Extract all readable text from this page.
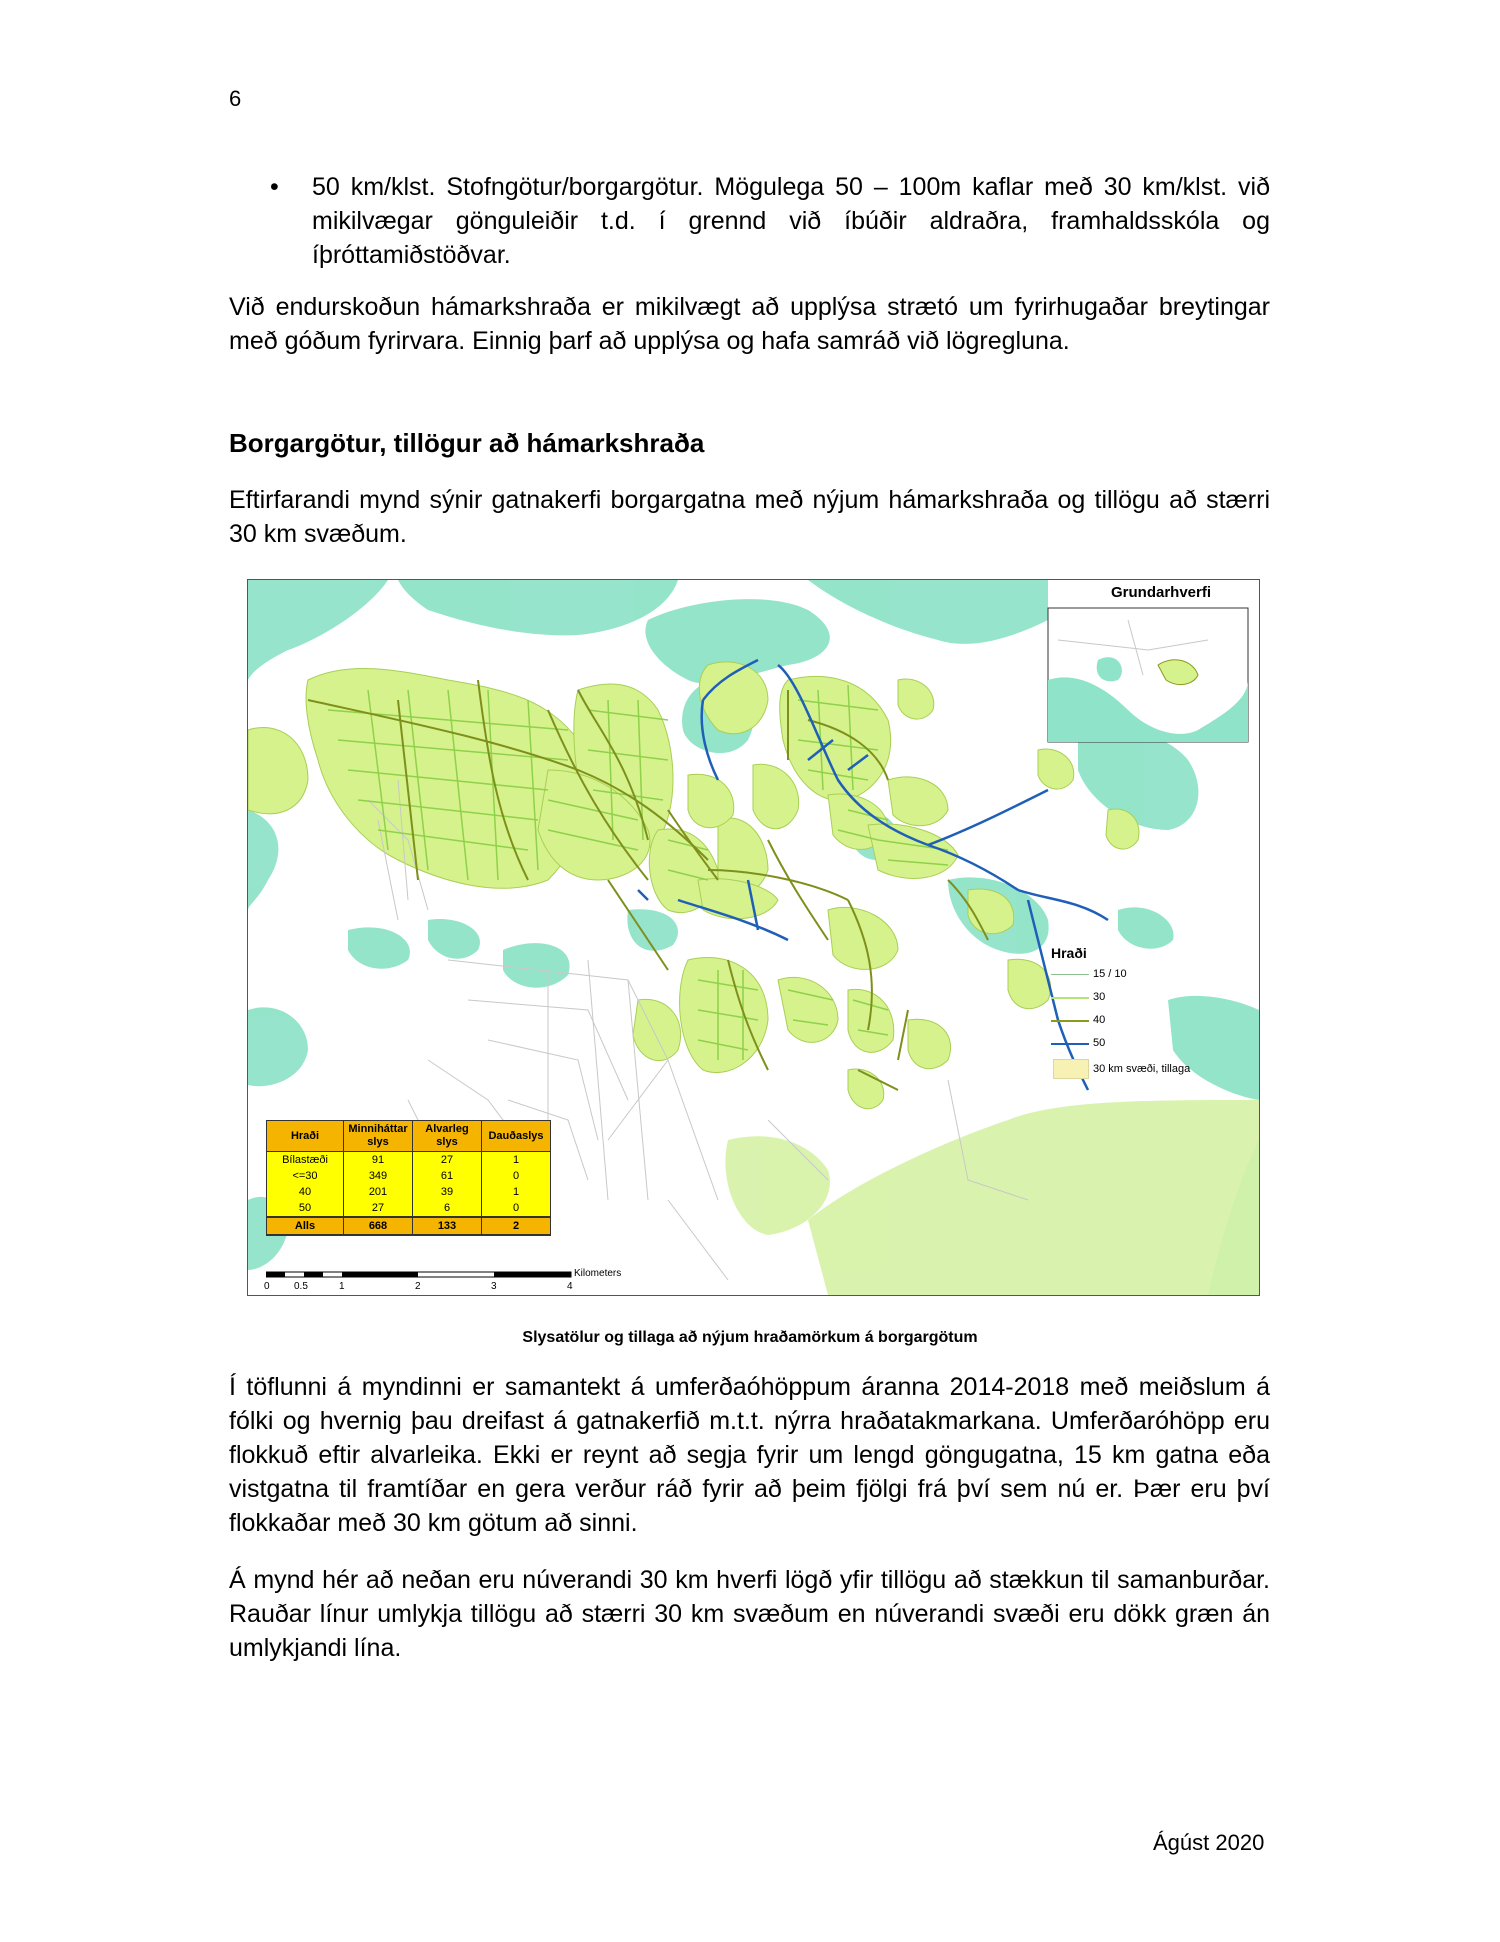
6
• 50 km/klst. Stofngötur/borgargötur. Mögulega 50 – 100m kaflar með 30 km/klst. við mikilvægar gönguleiðir t.d. í grennd við íbúðir aldraðra, framhaldsskóla og íþróttamiðstöðvar.
Við endurskoðun hámarkshraða er mikilvægt að upplýsa strætó um fyrirhugaðar breytingar með góðum fyrirvara. Einnig þarf að upplýsa og hafa samráð við lögregluna.
Borgargötur, tillögur að hámarkshraða
Eftirfarandi mynd sýnir gatnakerfi borgargatna með nýjum hámarkshraða og tillögu að stærri 30 km svæðum.
Grundarhverfi
Hraði
15 / 10
30
40
50
30 km svæði, tillaga
Hraði	Minniháttar slys	Alvarleg slys	Dauðaslys
Bílastæði	91	27	1
<=30	349	61	0
40	201	39	1
50	27	6	0
Alls	668	133	2
Kilometers
0 0.5	1	2	3	4
Slysatölur og tillaga að nýjum hraðamörkum á borgargötum
Í töflunni á myndinni er samantekt á umferðaóhöppum áranna 2014-2018 með meiðslum á fólki og hvernig þau dreifast á gatnakerfið m.t.t. nýrra hraðatakmarkana. Umferðaróhöpp eru flokkuð eftir alvarleika. Ekki er reynt að segja fyrir um lengd göngugatna, 15 km gatna eða vistgatna til framtíðar en gera verður ráð fyrir að þeim fjölgi frá því sem nú er. Þær eru því flokkaðar með 30 km götum að sinni.
Á mynd hér að neðan eru núverandi 30 km hverfi lögð yfir tillögu að stækkun til samanburðar. Rauðar línur umlykja tillögu að stærri 30 km svæðum en núverandi svæði eru dökk græn án umlykjandi lína.
Ágúst 2020
